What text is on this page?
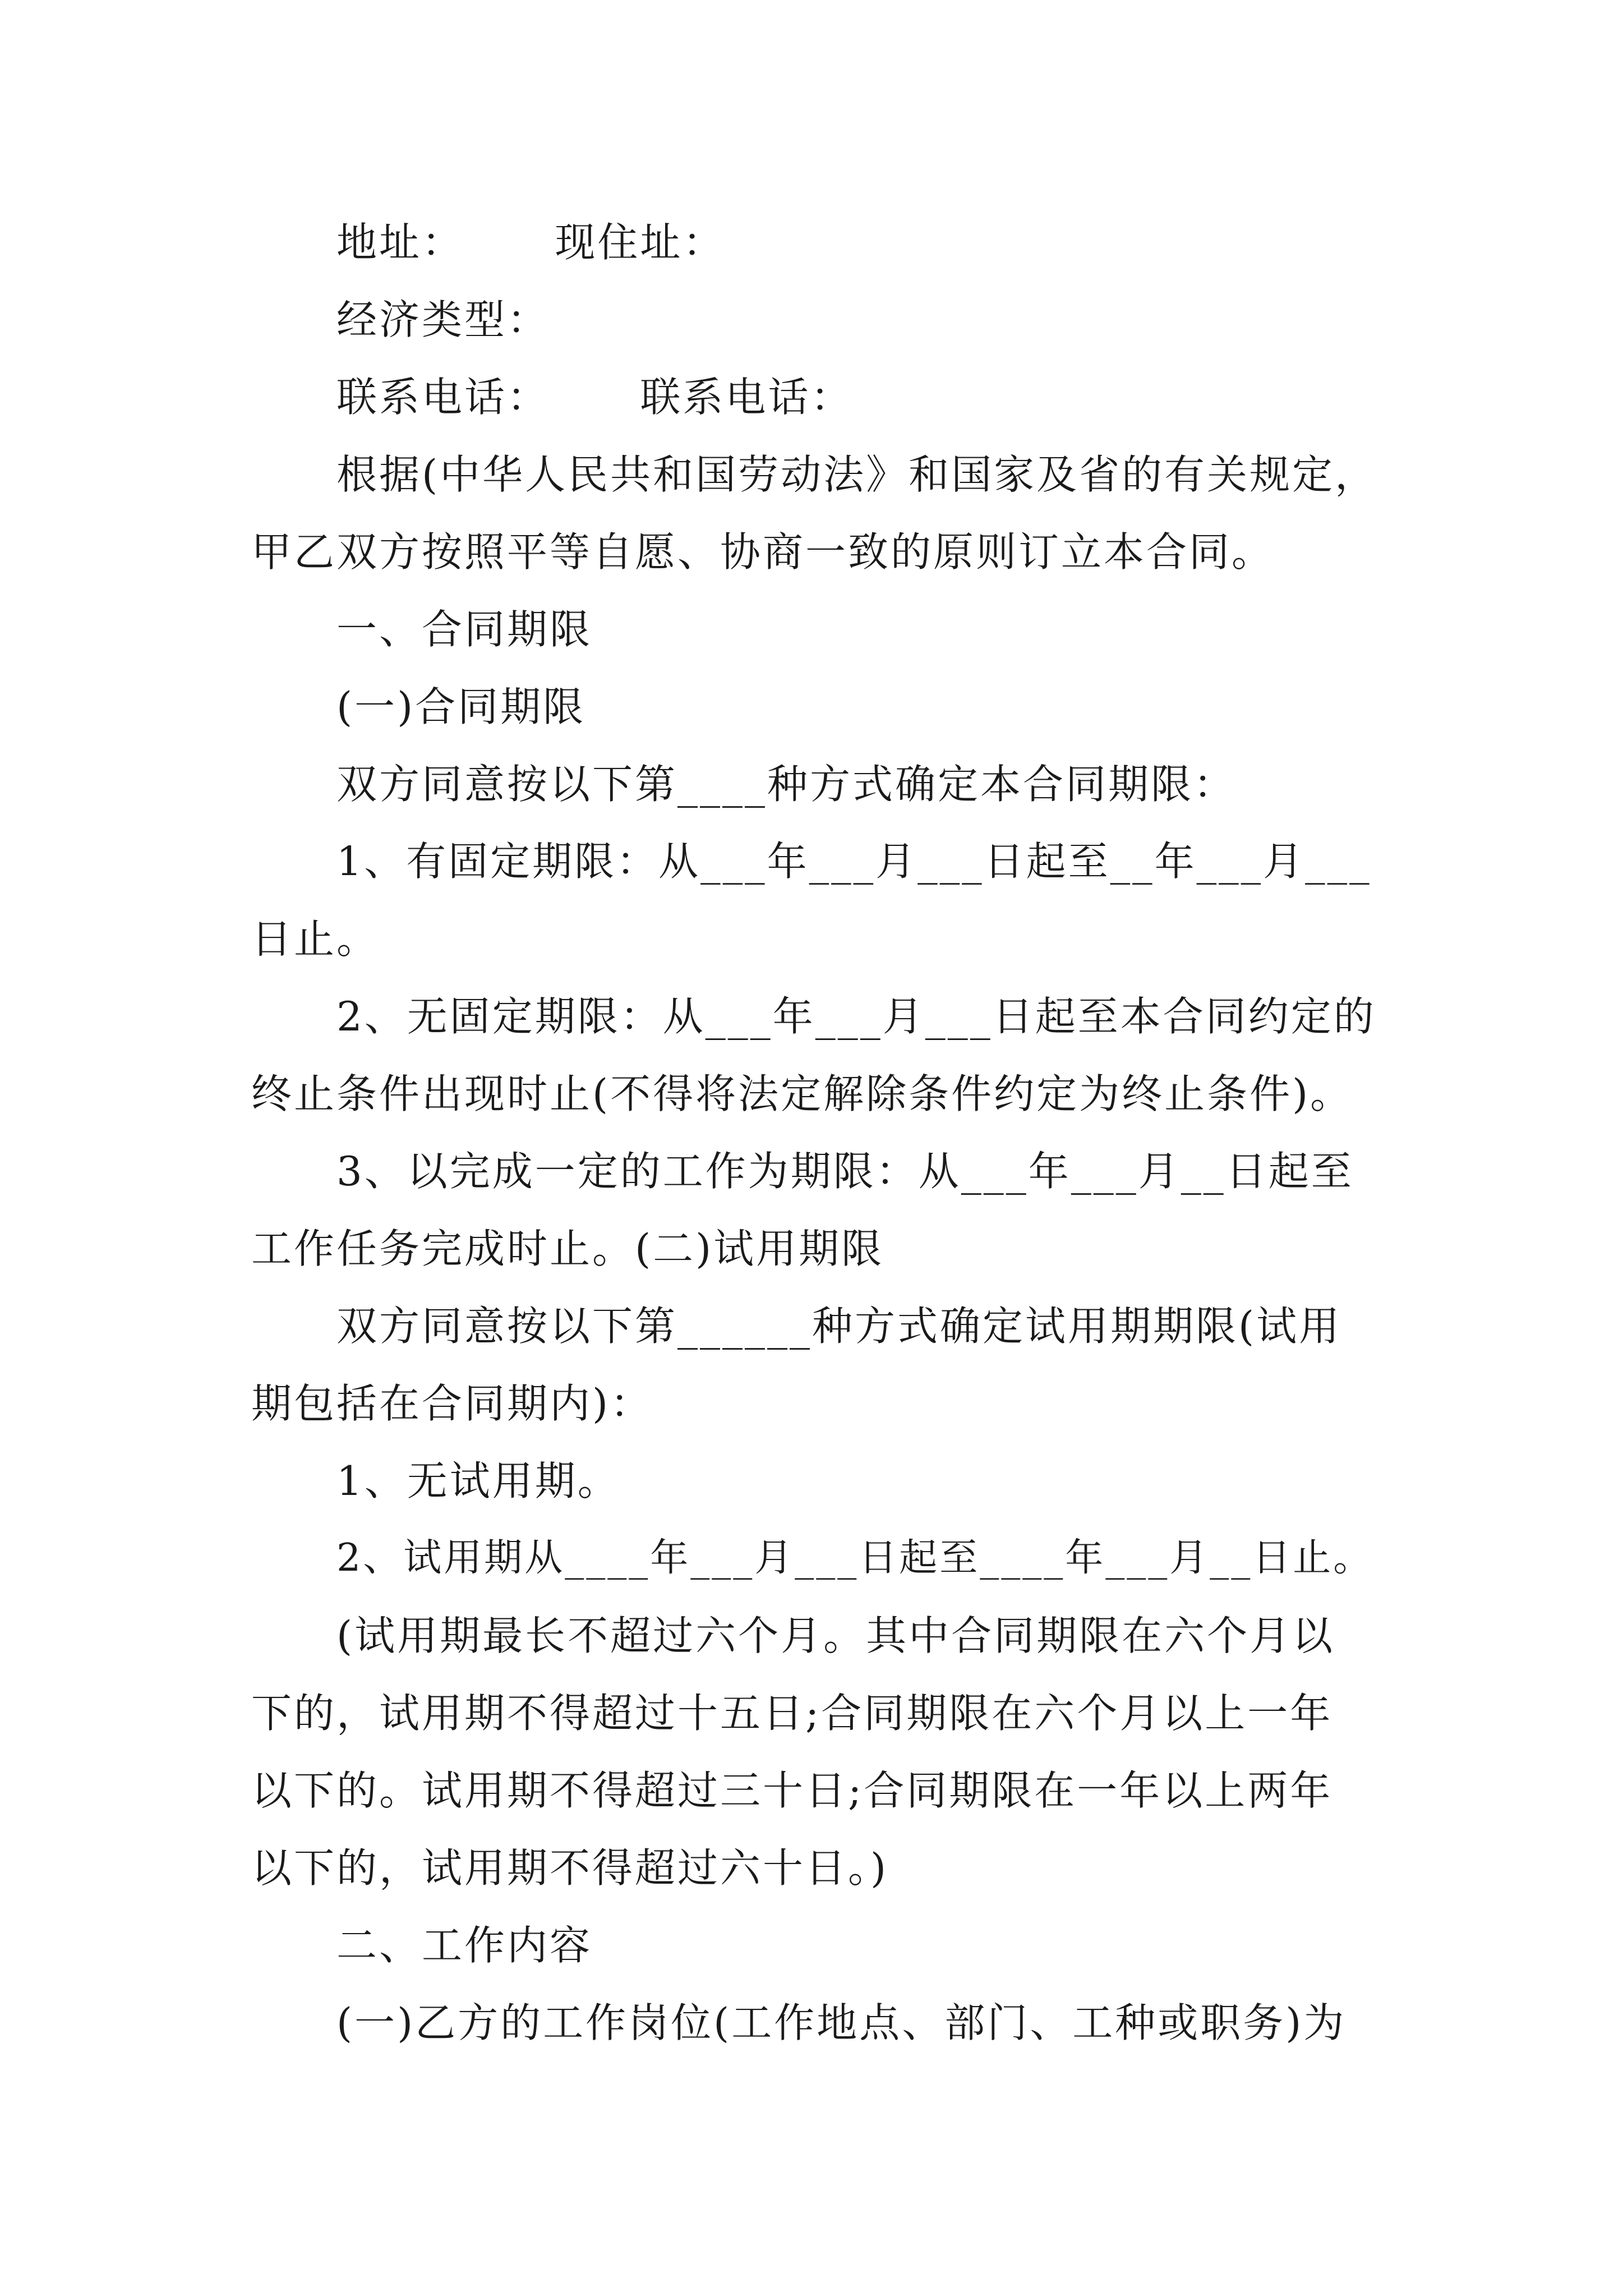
地址：      现住址：
经济类型：
联系电话：      联系电话：
根据(中华人民共和国劳动法》和国家及省的有关规定，
甲乙双方按照平等自愿、协商一致的原则订立本合同。
一、合同期限
(一)合同期限
双方同意按以下第____种方式确定本合同期限：
1、有固定期限：从___年___月___日起至__年___月___
日止。
2、无固定期限：从___年___月___日起至本合同约定的
终止条件出现时止(不得将法定解除条件约定为终止条件)。
3、以完成一定的工作为期限：从___年___月__日起至
工作任务完成时止。(二)试用期限
双方同意按以下第______种方式确定试用期期限(试用
期包括在合同期内)：
1、无试用期。
2、试用期从____年___月___日起至____年___月__日止。
(试用期最长不超过六个月。其中合同期限在六个月以
下的，试用期不得超过十五日;合同期限在六个月以上一年
以下的。试用期不得超过三十日;合同期限在一年以上两年
以下的，试用期不得超过六十日。)
二、工作内容
(一)乙方的工作岗位(工作地点、部门、工种或职务)为
